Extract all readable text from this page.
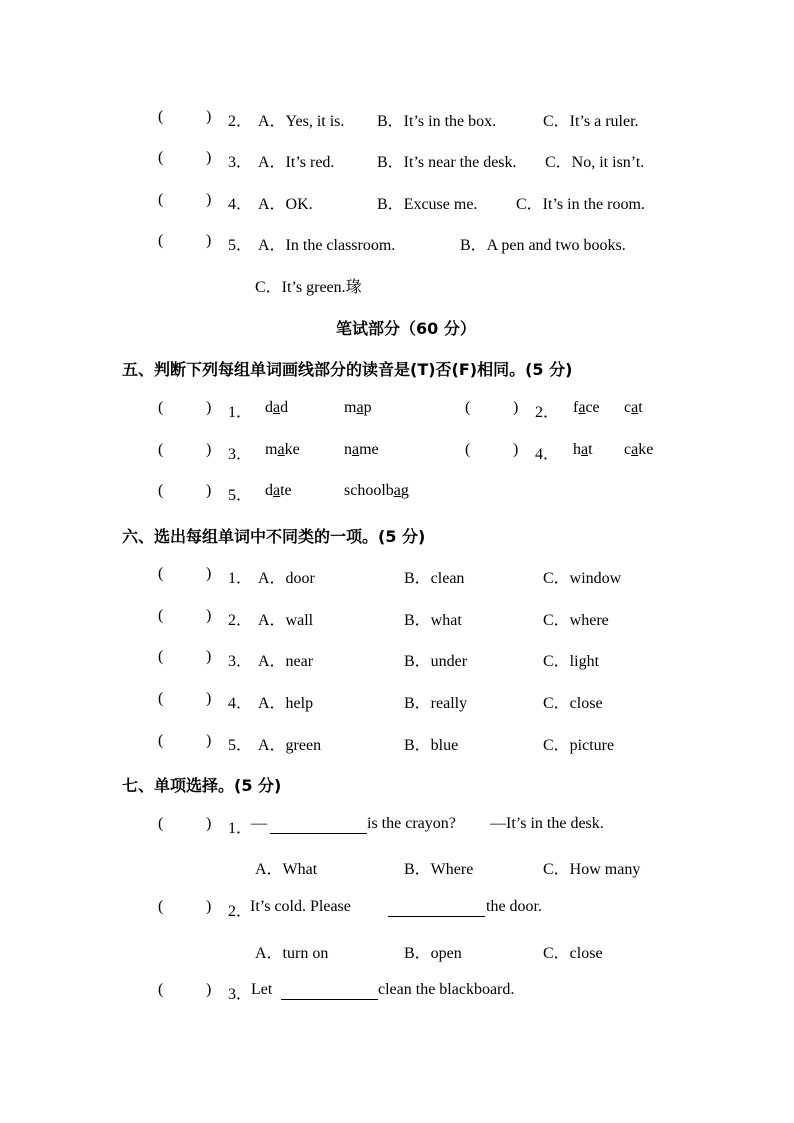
(	) 2． A．Yes, it is. B．It’s in the box.	C．It’s a ruler.
(	) 3． A．It’s red.	B．It’s near the desk. C．No, it isn’t.
(	) 4． A．OK.	B．Excuse me. C．It’s in the room.
(	) 5． A．In the classroom.	B．A pen and two books.
C．It’s green.瑑
笔试部分（60 分）
五、判断下列每组单词画线部分的读音是(T)否(F)相同。(5 分)
(	) 1． dad	map	(	) 2． face cat
(	) 3． make	name	(	) 4． hat cake
(	) 5． date	schoolbag
六、选出每组单词中不同类的一项。(5 分)
(	) 1． A．door	B．clean	C．window
(	) 2． A．wall	B．what	C．where
(	) 3． A．near	B．under	C．light
(	) 4． A．help	B．really	C．close
(	) 5． A．green	B．blue	C．picture
七、单项选择。(5 分)
(	) 1．
—	is the crayon? —It’s in the desk.
A．What	B．Where	C．How many
(	) 2．
It’s cold. Please	the door.
A．turn on	B．open	C．close
(	) 3．
Let	clean the blackboard.
